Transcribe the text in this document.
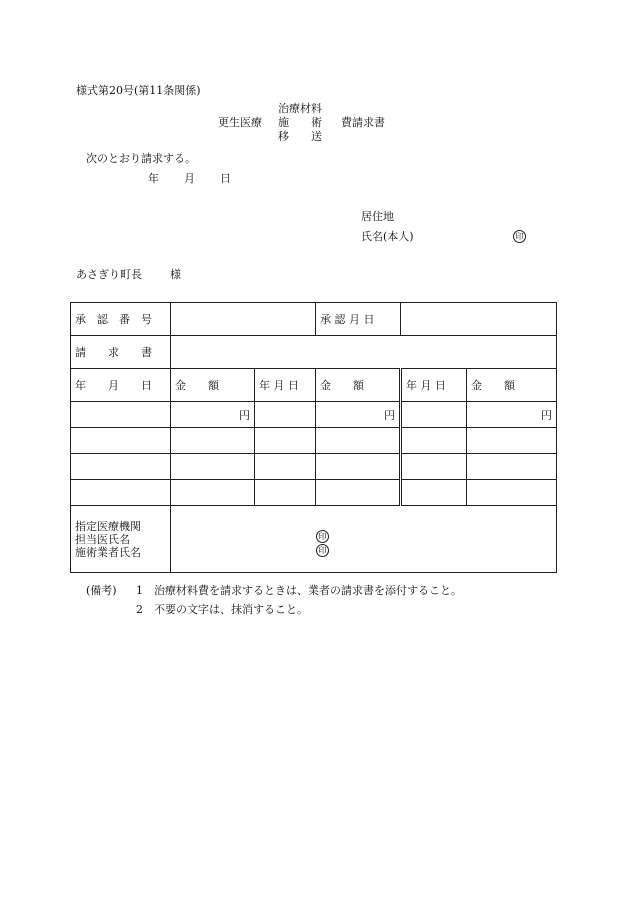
様式第20号(第11条関係)
更生医療
治療材料
施　　術
移　　送
費請求書
次のとおり請求する。
年 月 日
居住地
氏名(本人)	印
あさぎり町長	様
承　認　番　号			承 認 月 日		
請　　求　　書					
年　　月　　日	金　　額	年 月 日	金　　額	年 月 日	金　　額
	円		円		円

指定医療機関
担当医氏名
施術業者氏名	印
印				
(備考) 1 治療材料費を請求するときは、業者の請求書を添付すること。
2 不要の文字は、抹消すること。
